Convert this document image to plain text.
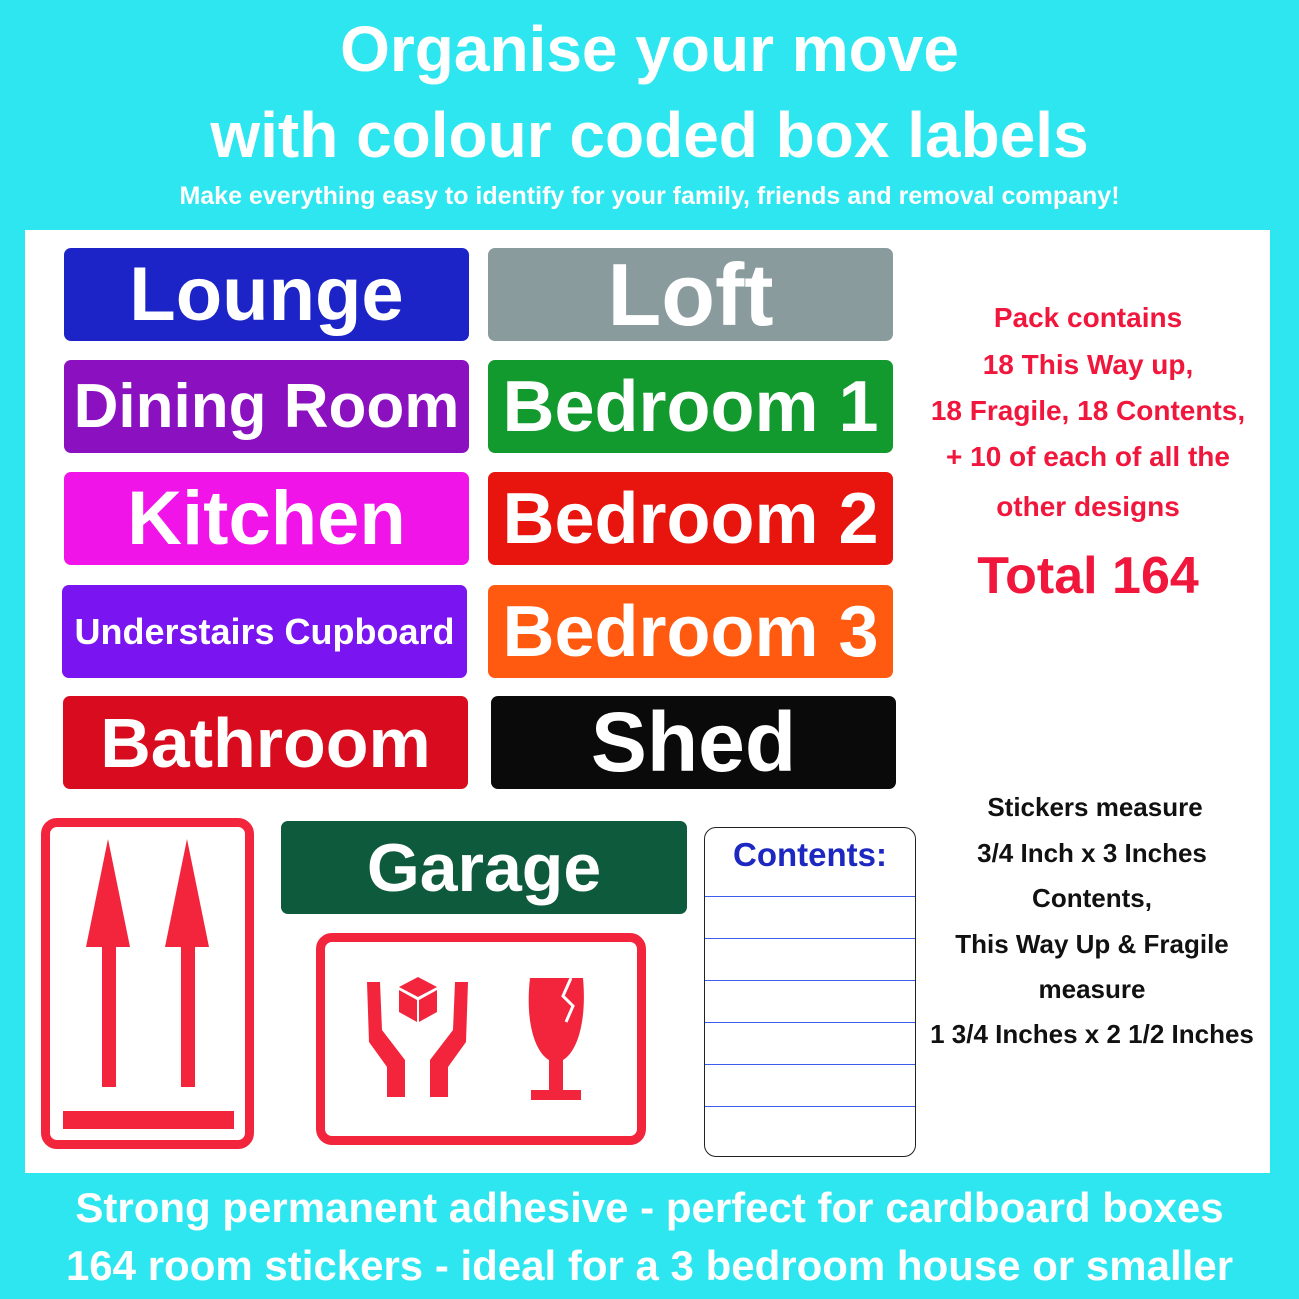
Organise your move
with colour coded box labels
Make everything easy to identify for your family, friends and removal company!
Lounge	Loft
Dining Room Bedroom 1
Kitchen	Bedroom 2
Understairs Cupboard Bedroom 3
Bathroom	Shed
Garage	Contents:
Pack contains
18 This Way up,
18 Fragile, 18 Contents,
+ 10 of each of all the
other designs
Total 164
Stickers measure
3/4 Inch x 3 Inches
Contents,
This Way Up & Fragile
measure
1 3/4 Inches x 2 1/2 Inches
Strong permanent adhesive - perfect for cardboard boxes
164 room stickers - ideal for a 3 bedroom house or smaller
